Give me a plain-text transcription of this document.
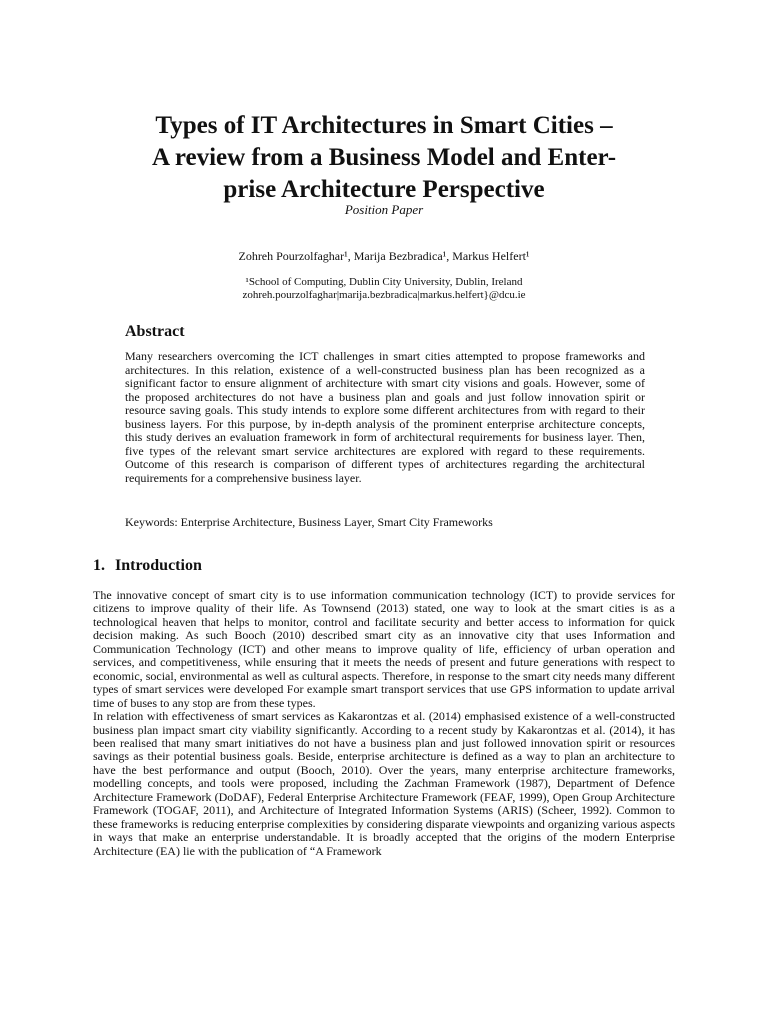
Types of IT Architectures in Smart Cities –
A review from a Business Model and Enter-
prise Architecture Perspective
Position Paper
Zohreh Pourzolfaghar¹, Marija Bezbradica¹, Markus Helfert¹
¹School of Computing, Dublin City University, Dublin, Ireland
zohreh.pourzolfaghar|marija.bezbradica|markus.helfert}@dcu.ie
Abstract

Many researchers overcoming the ICT challenges in smart cities attempted to propose frameworks and architectures. In this relation, existence of a well-constructed business plan has been recognized as a significant factor to ensure alignment of architecture with smart city visions and goals. However, some of the proposed architectures do not have a business plan and goals and just follow innovation spirit or resource saving goals. This study intends to explore some different architectures from with regard to their business layers. For this purpose, by in-depth analysis of the prominent enterprise architecture concepts, this study derives an evaluation framework in form of architectural requirements for business layer. Then, five types of the relevant smart service architectures are explored with regard to these requirements. Outcome of this research is comparison of different types of architectures regarding the architectural requirements for a comprehensive business layer.

Keywords: Enterprise Architecture, Business Layer, Smart City Frameworks

1. Introduction

The innovative concept of smart city is to use information communication technology (ICT) to provide services for citizens to improve quality of their life. As Townsend (2013) stated, one way to look at the smart cities is as a technological heaven that helps to monitor, control and facilitate security and better access to information for quick decision making. As such Booch (2010) described smart city as an innovative city that uses Information and Communication Technology (ICT) and other means to improve quality of life, efficiency of urban operation and services, and competitiveness, while ensuring that it meets the needs of present and future generations with respect to economic, social, environmental as well as cultural aspects. Therefore, in response to the smart city needs many different types of smart services were developed For example smart transport services that use GPS information to update arrival time of buses to any stop are from these types.

In relation with effectiveness of smart services as Kakarontzas et al. (2014) emphasised existence of a well-constructed business plan impact smart city viability significantly. According to a recent study by Kakarontzas et al. (2014), it has been realised that many smart initiatives do not have a business plan and just followed innovation spirit or resources savings as their potential business goals. Beside, enterprise architecture is defined as a way to plan an architecture to have the best performance and output (Booch, 2010). Over the years, many enterprise architecture frameworks, modelling concepts, and tools were proposed, including the Zachman Framework (1987), Department of Defence Architecture Framework (DoDAF), Federal Enterprise Architecture Framework (FEAF, 1999), Open Group Architecture Framework (TOGAF, 2011), and Architecture of Integrated Information Systems (ARIS) (Scheer, 1992). Common to these frameworks is reducing enterprise complexities by considering disparate viewpoints and organizing various aspects in ways that make an enterprise understandable. It is broadly accepted that the origins of the modern Enterprise Architecture (EA) lie with the publication of “A Framework
